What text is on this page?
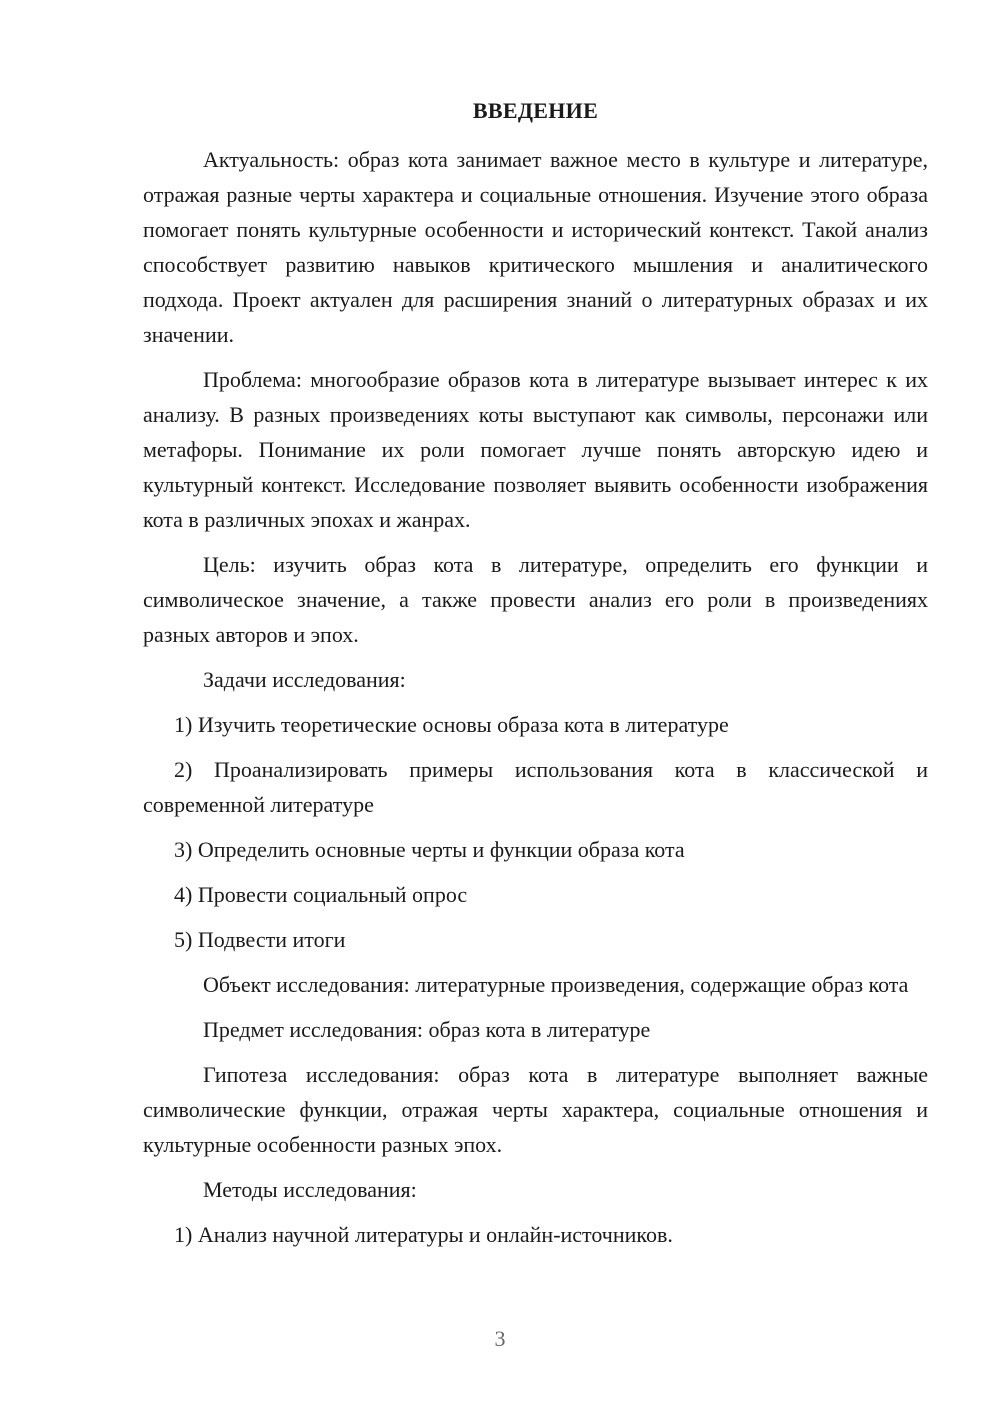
ВВЕДЕНИЕ

Актуальность: образ кота занимает важное место в культуре и литературе, отражая разные черты характера и социальные отношения. Изучение этого образа помогает понять культурные особенности и исторический контекст. Такой анализ способствует развитию навыков критического мышления и аналитического подхода. Проект актуален для расширения знаний о литературных образах и их значении.

Проблема: многообразие образов кота в литературе вызывает интерес к их анализу. В разных произведениях коты выступают как символы, персонажи или метафоры. Понимание их роли помогает лучше понять авторскую идею и культурный контекст. Исследование позволяет выявить особенности изображения кота в различных эпохах и жанрах.

Цель: изучить образ кота в литературе, определить его функции и символическое значение, а также провести анализ его роли в произведениях разных авторов и эпох.

Задачи исследования:

1) Изучить теоретические основы образа кота в литературе

2) Проанализировать примеры использования кота в классической и современной литературе

3) Определить основные черты и функции образа кота

4) Провести социальный опрос

5) Подвести итоги

Объект исследования: литературные произведения, содержащие образ кота

Предмет исследования: образ кота в литературе

Гипотеза исследования: образ кота в литературе выполняет важные символические функции, отражая черты характера, социальные отношения и культурные особенности разных эпох.

Методы исследования:

1) Анализ научной литературы и онлайн-источников.

3
